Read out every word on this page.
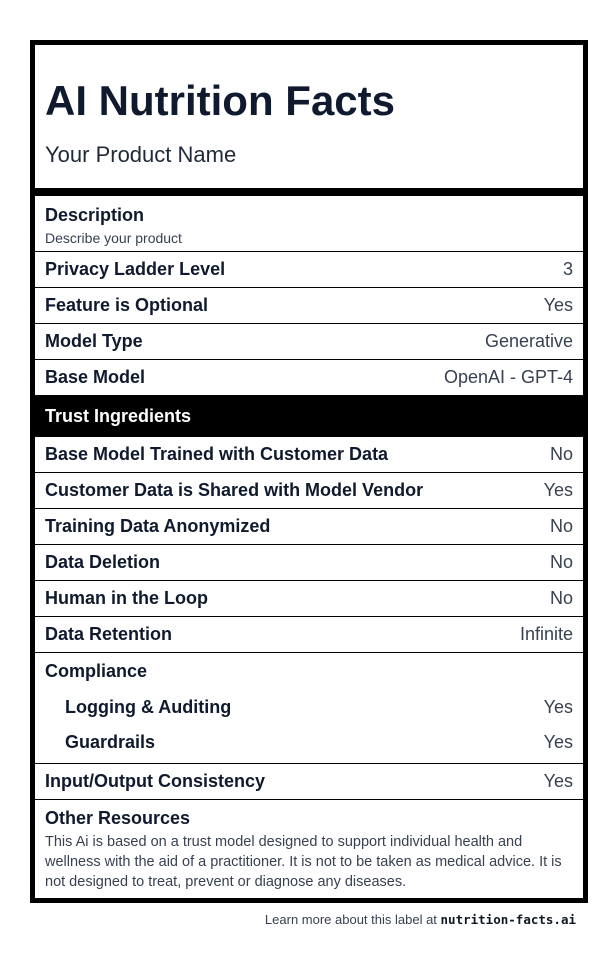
AI Nutrition Facts
Your Product Name
Description
Describe your product
Privacy Ladder Level	3
Feature is Optional	Yes
Model Type	Generative
Base Model	OpenAI - GPT-4
Trust Ingredients
Base Model Trained with Customer Data	No
Customer Data is Shared with Model Vendor	Yes
Training Data Anonymized	No
Data Deletion	No
Human in the Loop	No
Data Retention	Infinite
Compliance
Logging & Auditing	Yes
Guardrails	Yes
Input/Output Consistency	Yes
Other Resources
This Ai is based on a trust model designed to support individual health and wellness with the aid of a practitioner. It is not to be taken as medical advice. It is not designed to treat, prevent or diagnose any diseases.
Learn more about this label at nutrition-facts.ai
